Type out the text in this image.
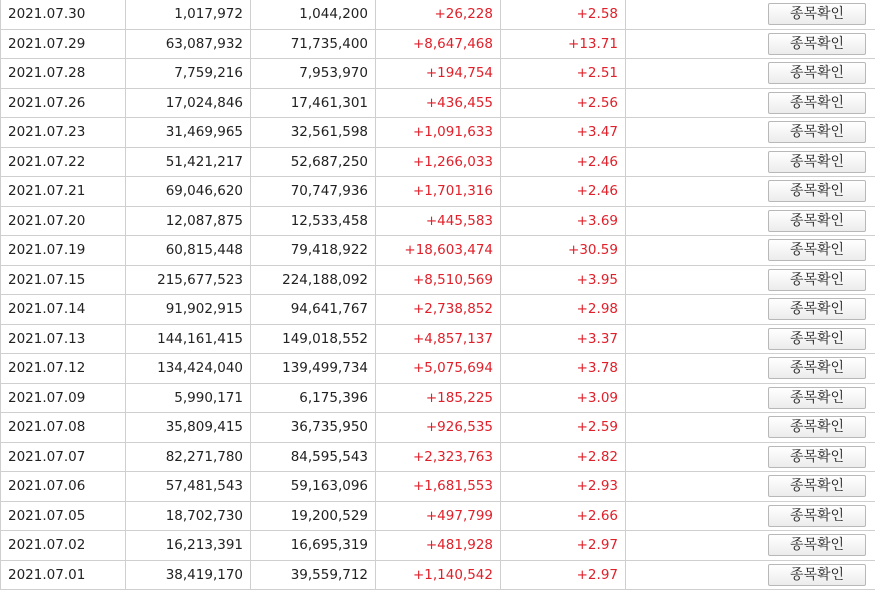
2021.07.30	1,017,972	1,044,200	+26,228	+2.58	종목확인
2021.07.29	63,087,932	71,735,400	+8,647,468	+13.71	종목확인
2021.07.28	7,759,216	7,953,970	+194,754	+2.51	종목확인
2021.07.26	17,024,846	17,461,301	+436,455	+2.56	종목확인
2021.07.23	31,469,965	32,561,598	+1,091,633	+3.47	종목확인
2021.07.22	51,421,217	52,687,250	+1,266,033	+2.46	종목확인
2021.07.21	69,046,620	70,747,936	+1,701,316	+2.46	종목확인
2021.07.20	12,087,875	12,533,458	+445,583	+3.69	종목확인
2021.07.19	60,815,448	79,418,922	+18,603,474	+30.59	종목확인
2021.07.15	215,677,523	224,188,092	+8,510,569	+3.95	종목확인
2021.07.14	91,902,915	94,641,767	+2,738,852	+2.98	종목확인
2021.07.13	144,161,415	149,018,552	+4,857,137	+3.37	종목확인
2021.07.12	134,424,040	139,499,734	+5,075,694	+3.78	종목확인
2021.07.09	5,990,171	6,175,396	+185,225	+3.09	종목확인
2021.07.08	35,809,415	36,735,950	+926,535	+2.59	종목확인
2021.07.07	82,271,780	84,595,543	+2,323,763	+2.82	종목확인
2021.07.06	57,481,543	59,163,096	+1,681,553	+2.93	종목확인
2021.07.05	18,702,730	19,200,529	+497,799	+2.66	종목확인
2021.07.02	16,213,391	16,695,319	+481,928	+2.97	종목확인
2021.07.01	38,419,170	39,559,712	+1,140,542	+2.97	종목확인
